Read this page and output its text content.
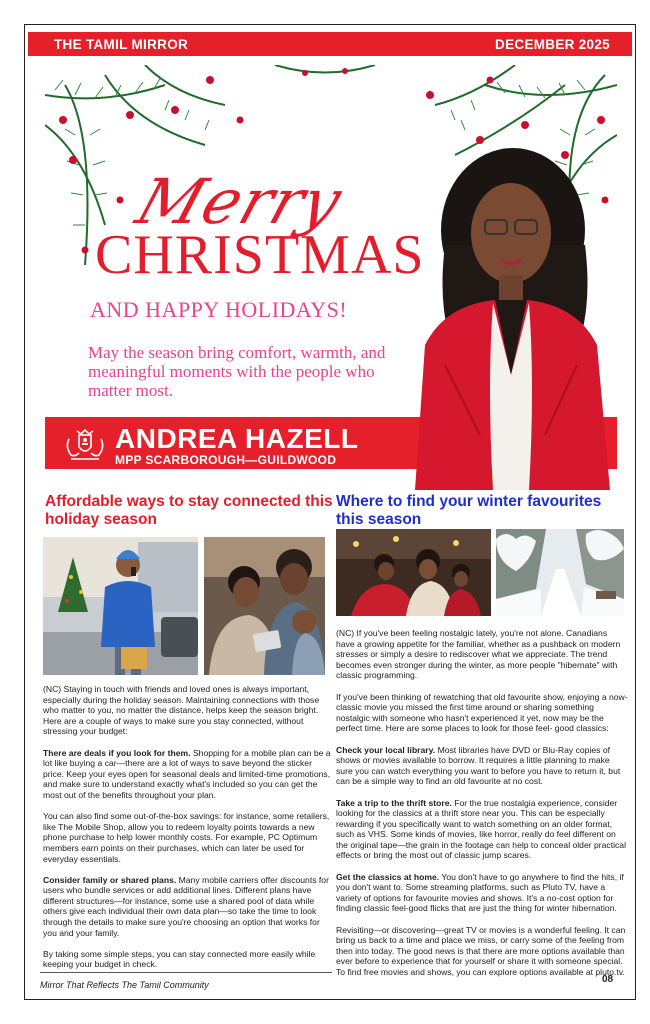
THE TAMIL MIRROR	DECEMBER 2025
Merry
CHRISTMAS
AND HAPPY HOLIDAYS!
May the season bring comfort, warmth, and meaningful moments with the people who matter most.
ANDREA HAZELL
MPP SCARBOROUGH—GUILDWOOD
Affordable ways to stay connected this holiday season

(NC) Staying in touch with friends and loved ones is always important, especially during the holiday season. Maintaining connections with those who matter to you, no matter the distance, helps keep the season bright. Here are a couple of ways to make sure you stay connected, without stressing your budget:

There are deals if you look for them. Shopping for a mobile plan can be a lot like buying a car—there are a lot of ways to save beyond the sticker price. Keep your eyes open for seasonal deals and limited-time promotions, and make sure to understand exactly what's included so you can get the most out of the benefits throughout your plan.

You can also find some out-of-the-box savings: for instance, some retailers, like The Mobile Shop, allow you to redeem loyalty points towards a new phone purchase to help lower monthly costs. For example, PC Optimum members earn points on their purchases, which can later be used for everyday essentials.

Consider family or shared plans. Many mobile carriers offer discounts for users who bundle services or add additional lines. Different plans have different structures—for instance, some use a shared pool of data while others give each individual their own data plan—so take the time to look through the details to make sure you're choosing an option that works for you and your family.

By taking some simple steps, you can stay connected more easily while keeping your budget in check.

Where to find your winter favourites this season

(NC) If you've been feeling nostalgic lately, you're not alone. Canadians have a growing appetite for the familiar, whether as a pushback on modern stresses or simply a desire to rediscover what we appreciate. The trend becomes even stronger during the winter, as more people "hibernate" with classic programming.

If you've been thinking of rewatching that old favourite show, enjoying a now-classic movie you missed the first time around or sharing something nostalgic with someone who hasn't experienced it yet, now may be the perfect time. Here are some places to look for those feel- good classics:

Check your local library. Most libraries have DVD or Blu-Ray copies of shows or movies available to borrow. It requires a little planning to make sure you can watch everything you want to before you have to return it, but can be a simple way to find an old favourite at no cost.

Take a trip to the thrift store. For the true nostalgia experience, consider looking for the classics at a thrift store near you. This can be especially rewarding if you specifically want to watch something on an older format, such as VHS. Some kinds of movies, like horror, really do feel different on the original tape—the grain in the footage can help to conceal older practical effects or bring the most out of classic jump scares.

Get the classics at home. You don't have to go anywhere to find the hits, if you don't want to. Some streaming platforms, such as Pluto TV, have a variety of options for favourite movies and shows. It's a no-cost option for finding classic feel-good flicks that are just the thing for winter hibernation.

Revisiting—or discovering—great TV or movies is a wonderful feeling. It can bring us back to a time and place we miss, or carry some of the feeling from then into today. The good news is that there are more options available than ever before to experience that for yourself or share it with someone special. To find free movies and shows, you can explore options available at pluto.tv.

Mirror That Reflects The Tamil Community	08
